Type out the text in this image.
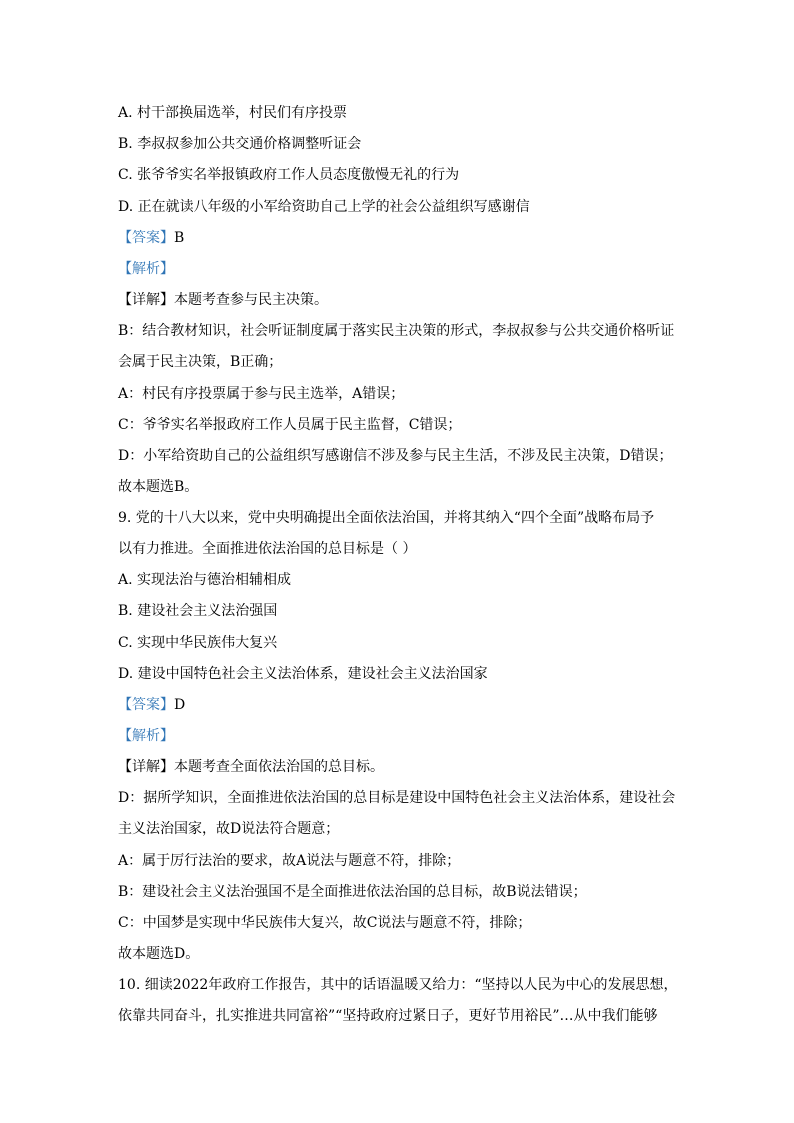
A. 村干部换届选举，村民们有序投票
B. 李叔叔参加公共交通价格调整听证会
C. 张爷爷实名举报镇政府工作人员态度傲慢无礼的行为
D. 正在就读八年级的小军给资助自己上学的社会公益组织写感谢信
【答案】B
【解析】
【详解】本题考查参与民主决策。
B：结合教材知识，社会听证制度属于落实民主决策的形式，李叔叔参与公共交通价格听证
会属于民主决策，B正确；
A：村民有序投票属于参与民主选举，A错误；
C：爷爷实名举报政府工作人员属于民主监督，C错误；
D：小军给资助自己的公益组织写感谢信不涉及参与民主生活，不涉及民主决策，D错误；
故本题选B。
9. 党的十八大以来，党中央明确提出全面依法治国，并将其纳入“四个全面”战略布局予
以有力推进。全面推进依法治国的总目标是（ ）
A. 实现法治与德治相辅相成
B. 建设社会主义法治强国
C. 实现中华民族伟大复兴
D. 建设中国特色社会主义法治体系，建设社会主义法治国家
【答案】D
【解析】
【详解】本题考查全面依法治国的总目标。
D：据所学知识，全面推进依法治国的总目标是建设中国特色社会主义法治体系，建设社会
主义法治国家，故D说法符合题意；
A：属于厉行法治的要求，故A说法与题意不符，排除；
B：建设社会主义法治强国不是全面推进依法治国的总目标，故B说法错误；
C：中国梦是实现中华民族伟大复兴，故C说法与题意不符，排除；
故本题选D。
10. 细读2022年政府工作报告，其中的话语温暖又给力：“坚持以人民为中心的发展思想，
依靠共同奋斗，扎实推进共同富裕”“坚持政府过紧日子，更好节用裕民”…从中我们能够
